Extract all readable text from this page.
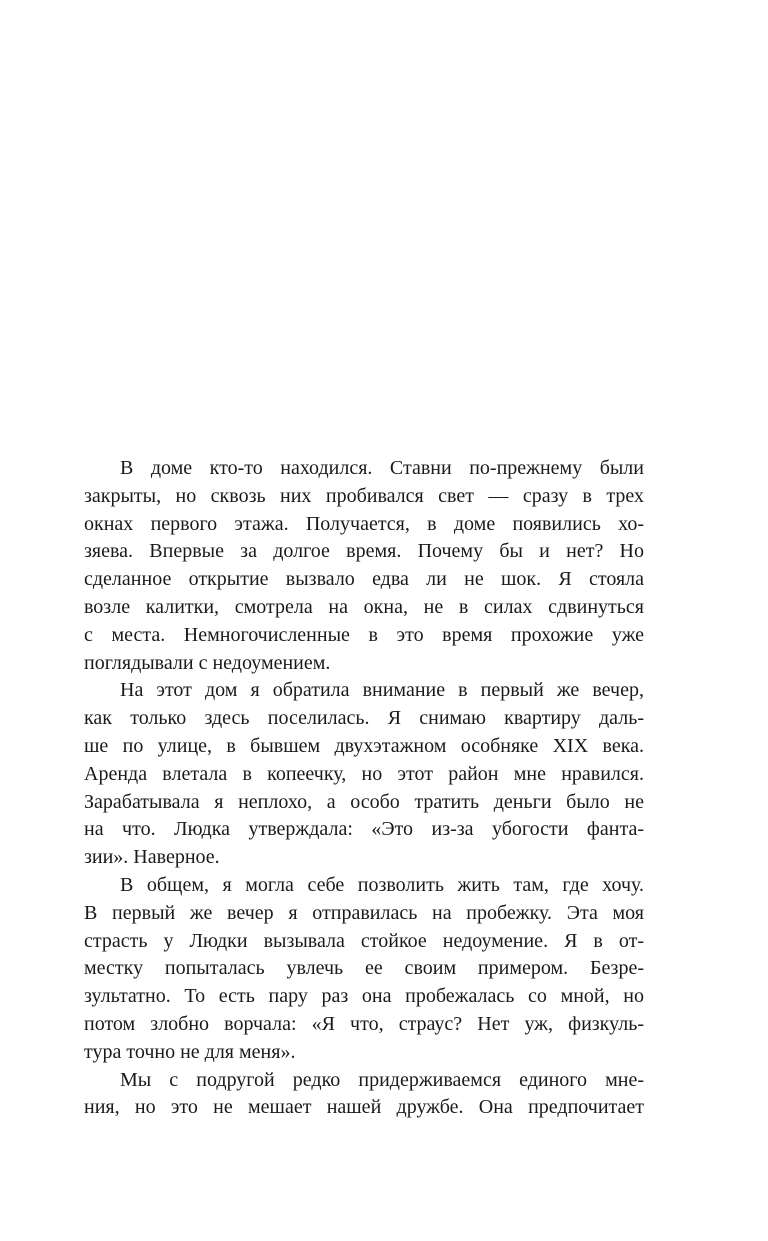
В доме кто-то находился. Ставни по-прежнему были
закрыты, но сквозь них пробивался свет — сразу в трех
окнах первого этажа. Получается, в доме появились хо-
зяева. Впервые за долгое время. Почему бы и нет? Но
сделанное открытие вызвало едва ли не шок. Я стояла
возле калитки, смотрела на окна, не в силах сдвинуться
с места. Немногочисленные в это время прохожие уже
поглядывали с недоумением.
На этот дом я обратила внимание в первый же вечер,
как только здесь поселилась. Я снимаю квартиру даль-
ше по улице, в бывшем двухэтажном особняке XIX века.
Аренда влетала в копеечку, но этот район мне нравился.
Зарабатывала я неплохо, а особо тратить деньги было не
на что. Людка утверждала: «Это из-за убогости фанта-
зии». Наверное.
В общем, я могла себе позволить жить там, где хочу.
В первый же вечер я отправилась на пробежку. Эта моя
страсть у Людки вызывала стойкое недоумение. Я в от-
местку попыталась увлечь ее своим примером. Безре-
зультатно. То есть пару раз она пробежалась со мной, но
потом злобно ворчала: «Я что, страус? Нет уж, физкуль-
тура точно не для меня».
Мы с подругой редко придерживаемся единого мне-
ния, но это не мешает нашей дружбе. Она предпочитает
